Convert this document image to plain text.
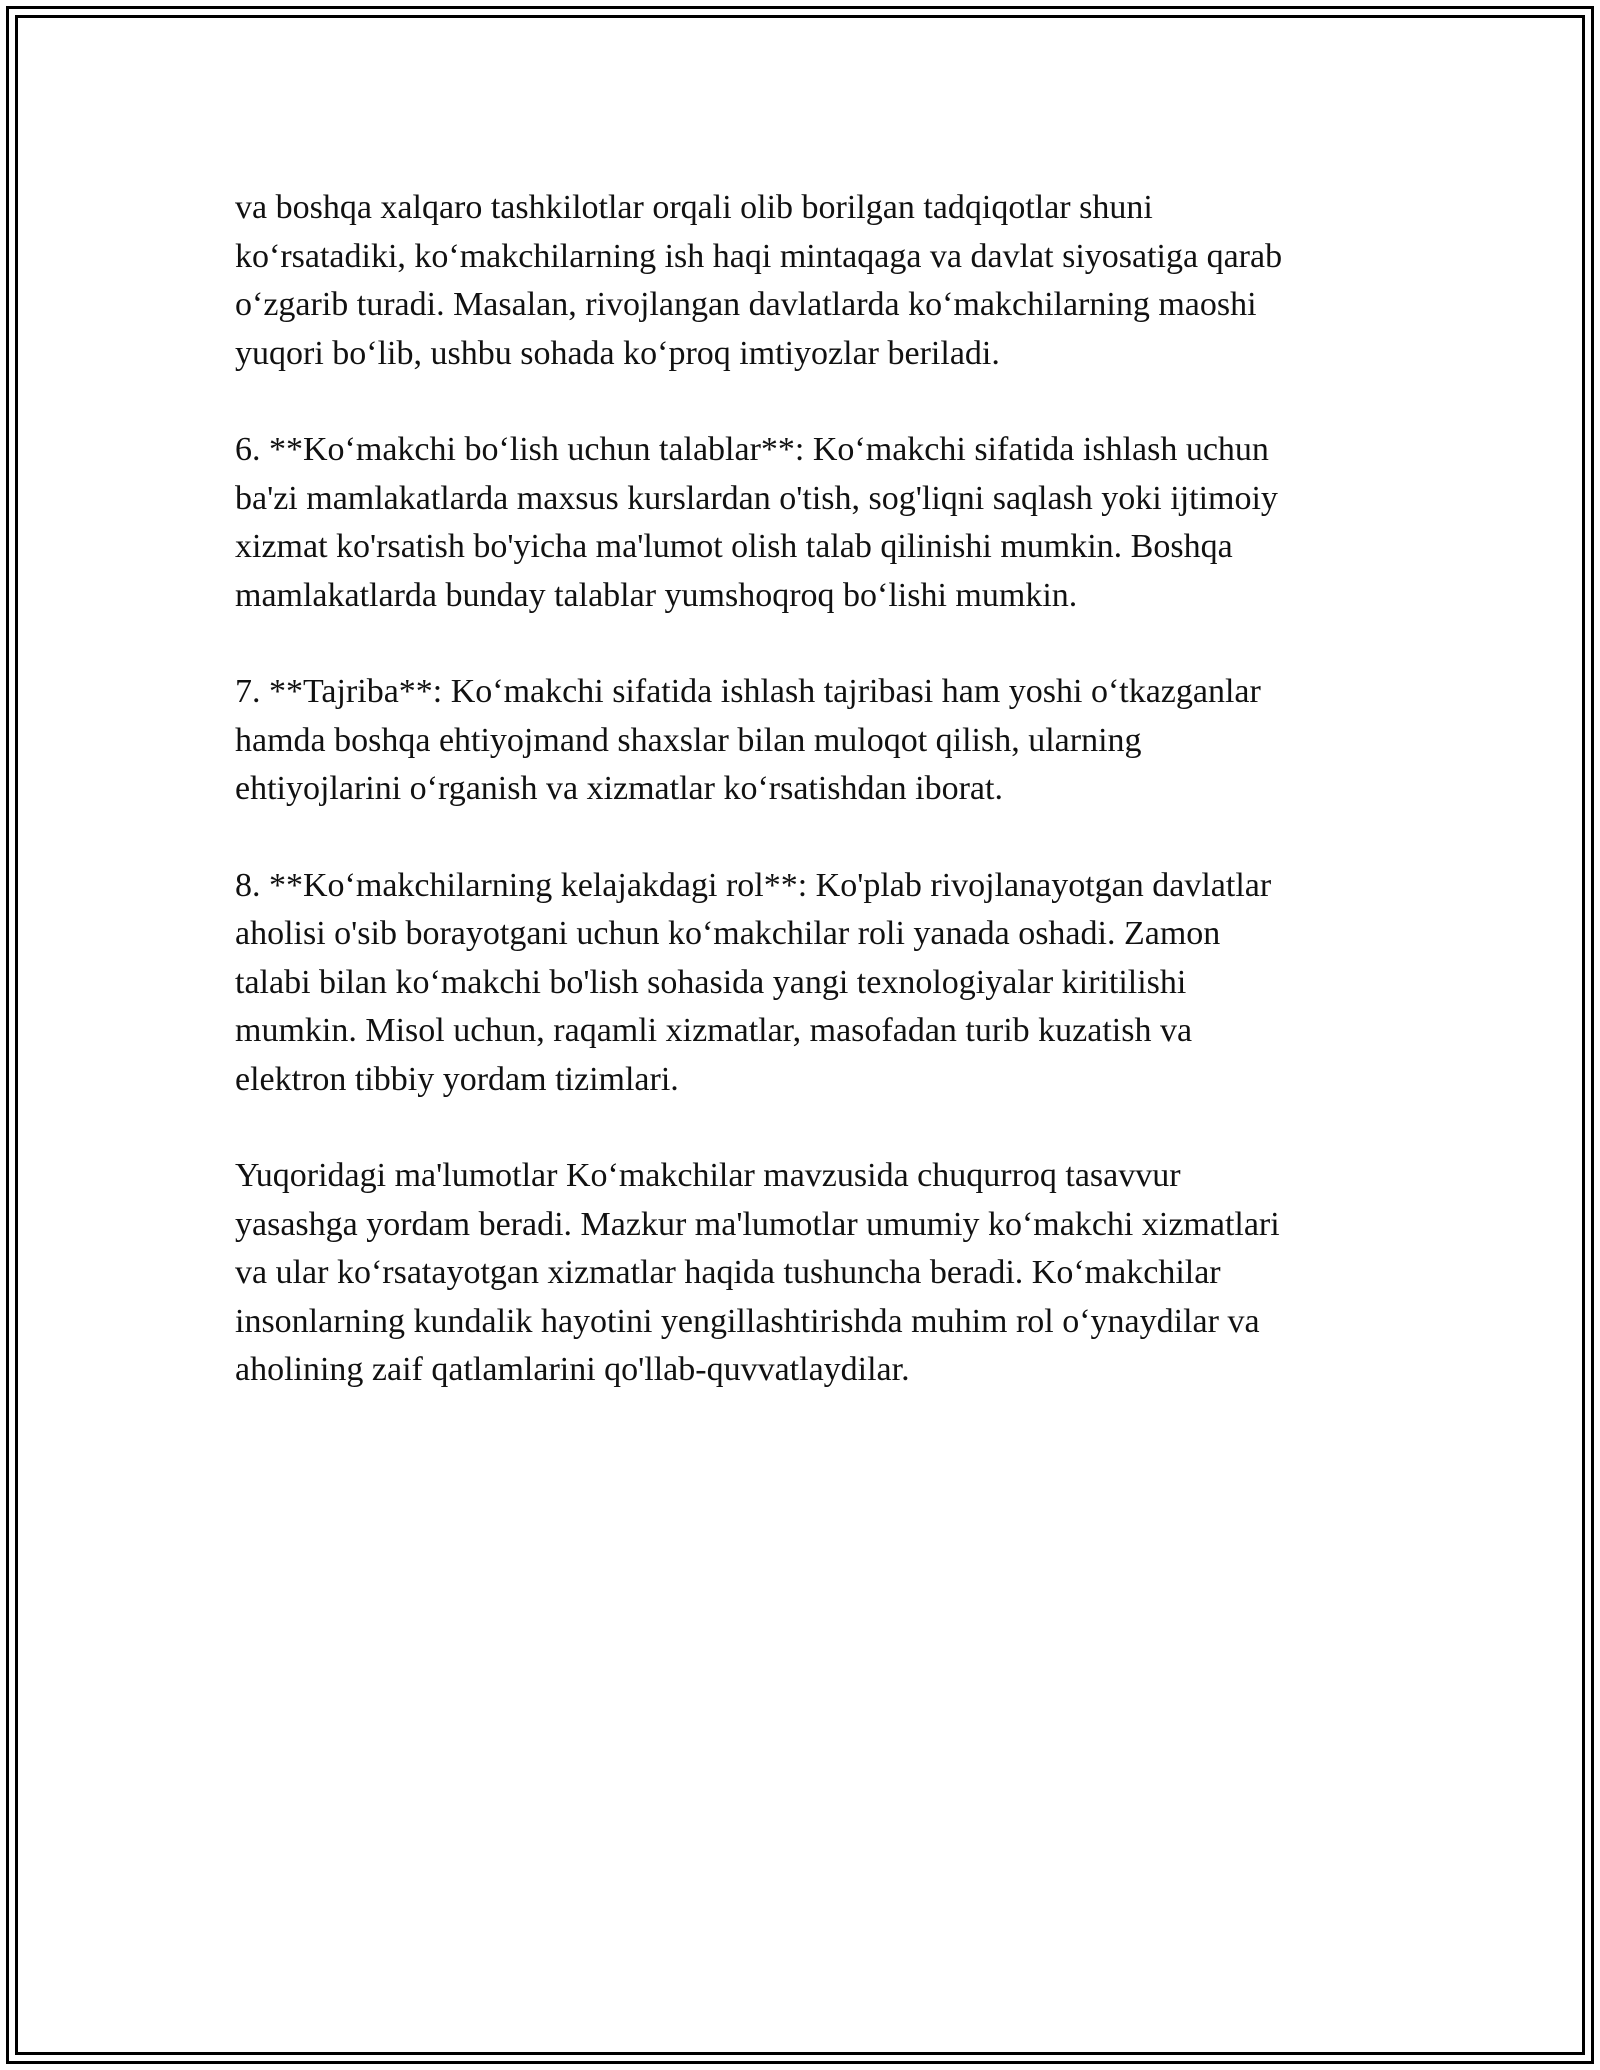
va boshqa xalqaro tashkilotlar orqali olib borilgan tadqiqotlar shuni
ko‘rsatadiki, ko‘makchilarning ish haqi mintaqaga va davlat siyosatiga qarab
o‘zgarib turadi. Masalan, rivojlangan davlatlarda ko‘makchilarning maoshi
yuqori bo‘lib, ushbu sohada ko‘proq imtiyozlar beriladi.

6. **Ko‘makchi bo‘lish uchun talablar**: Ko‘makchi sifatida ishlash uchun
ba'zi mamlakatlarda maxsus kurslardan o'tish, sog'liqni saqlash yoki ijtimoiy
xizmat ko'rsatish bo'yicha ma'lumot olish talab qilinishi mumkin. Boshqa
mamlakatlarda bunday talablar yumshoqroq bo‘lishi mumkin.

7. **Tajriba**: Ko‘makchi sifatida ishlash tajribasi ham yoshi o‘tkazganlar
hamda boshqa ehtiyojmand shaxslar bilan muloqot qilish, ularning
ehtiyojlarini o‘rganish va xizmatlar ko‘rsatishdan iborat.

8. **Ko‘makchilarning kelajakdagi rol**: Ko'plab rivojlanayotgan davlatlar
aholisi o'sib borayotgani uchun ko‘makchilar roli yanada oshadi. Zamon
talabi bilan ko‘makchi bo'lish sohasida yangi texnologiyalar kiritilishi
mumkin. Misol uchun, raqamli xizmatlar, masofadan turib kuzatish va
elektron tibbiy yordam tizimlari.

Yuqoridagi ma'lumotlar Ko‘makchilar mavzusida chuqurroq tasavvur
yasashga yordam beradi. Mazkur ma'lumotlar umumiy ko‘makchi xizmatlari
va ular ko‘rsatayotgan xizmatlar haqida tushuncha beradi. Ko‘makchilar
insonlarning kundalik hayotini yengillashtirishda muhim rol o‘ynaydilar va
aholining zaif qatlamlarini qo'llab-quvvatlaydilar.
